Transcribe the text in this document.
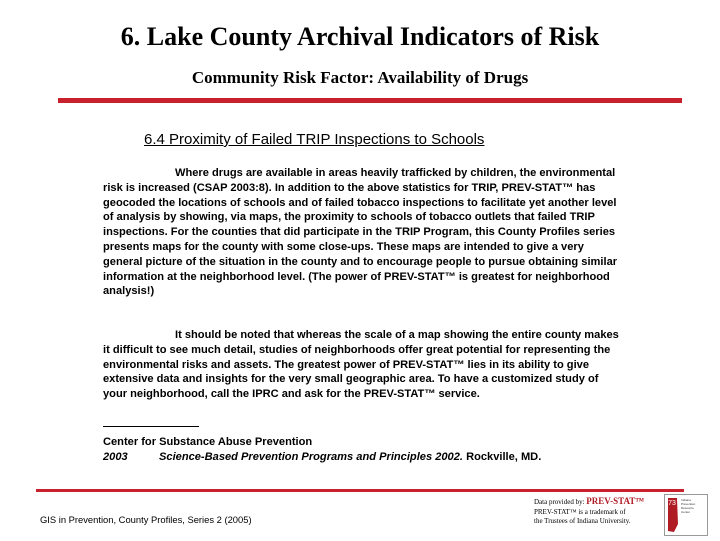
6. Lake County Archival Indicators of Risk
Community Risk Factor: Availability of Drugs
6.4 Proximity of Failed TRIP Inspections to Schools

Where drugs are available in areas heavily trafficked by children, the environmental risk is increased (CSAP 2003:8). In addition to the above statistics for TRIP, PREV-STAT™ has geocoded the locations of schools and of failed tobacco inspections to facilitate yet another level of analysis by showing, via maps, the proximity to schools of tobacco outlets that failed TRIP inspections. For the counties that did participate in the TRIP Program, this County Profiles series presents maps for the county with some close-ups. These maps are intended to give a very general picture of the situation in the county and to encourage people to pursue obtaining similar information at the neighborhood level. (The power of PREV-STAT™ is greatest for neighborhood analysis!)

It should be noted that whereas the scale of a map showing the entire county makes it difficult to see much detail, studies of neighborhoods offer great potential for representing the environmental risks and assets. The greatest power of PREV-STAT™ lies in its ability to give extensive data and insights for the very small geographic area. To have a customized study of your neighborhood, call the IPRC and ask for the PREV-STAT™ service.

Center for Substance Abuse Prevention
2003	Science-Based Prevention Programs and Principles 2002. Rockville, MD.
GIS in Prevention, County Profiles, Series 2 (2005)
Data provided by: PREV-STAT™
PREV-STAT™ is a trademark of
the Trustees of Indiana University.
73 Indiana Prevention Resource Center
